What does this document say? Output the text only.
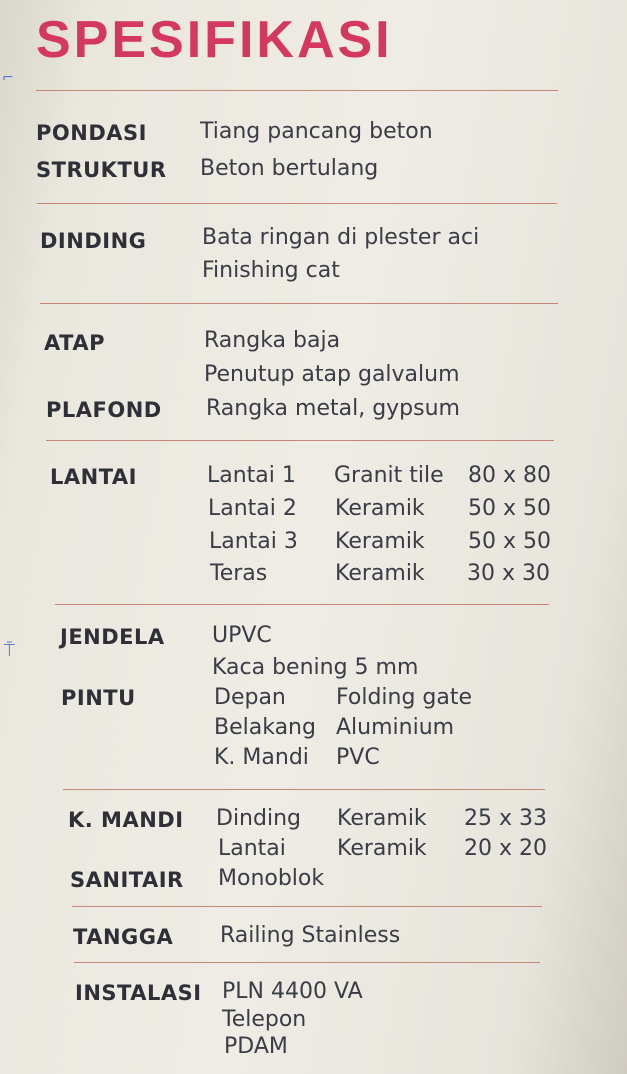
SPESIFIKASI
⌐
PONDASI Tiang pancang beton
STRUKTUR Beton bertulang
DINDING	Bata ringan di plester aci
Finishing cat
ATAP	Rangka baja
Penutup atap galvalum
PLAFOND Rangka metal, gypsum
LANTAI	Lantai 1 Granit tile 80 x 80
Lantai 2 Keramik 50 x 50
Lantai 3 Keramik 50 x 50
Teras	Keramik 30 x 30
⍑
JENDELA UPVC
Kaca bening 5 mm
PINTU	Depan Folding gate
Belakang Aluminium
K. Mandi PVC
K. MANDI Dinding Keramik 25 x 33
Lantai Keramik 20 x 20
SANITAIR Monoblok
TANGGA Railing Stainless
INSTALASI PLN 4400 VA
Telepon
PDAM
